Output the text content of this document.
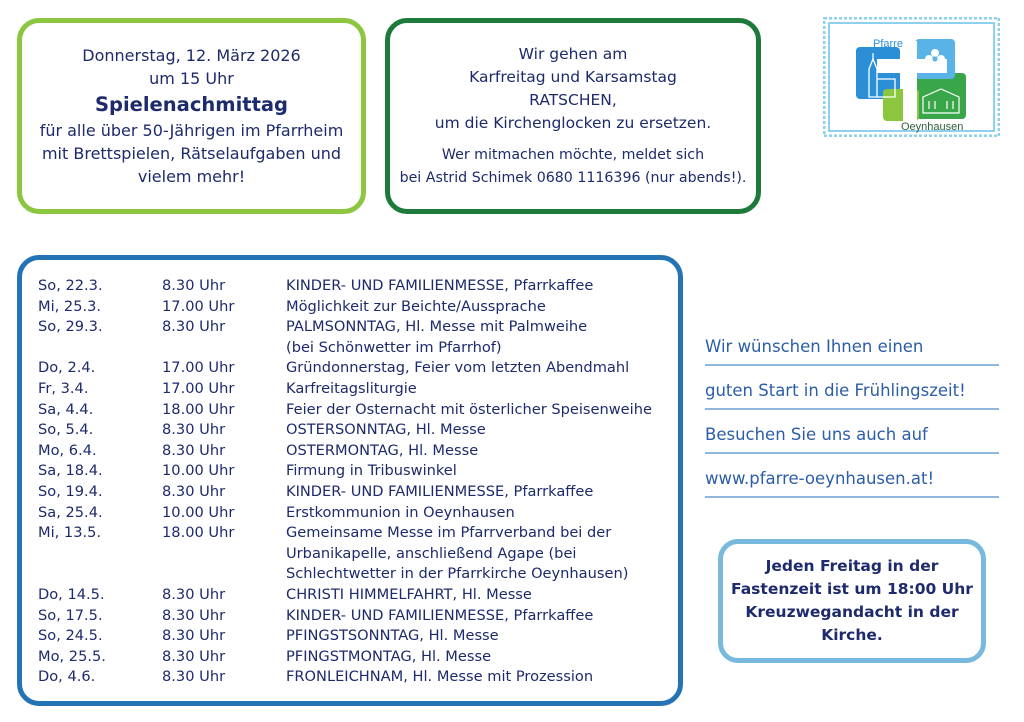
Donnerstag, 12. März 2026
um 15 Uhr
Spielenachmittag
für alle über 50-Jährigen im Pfarrheim
mit Brettspielen, Rätselaufgaben und
vielem mehr!
Wir gehen am
Karfreitag und Karsamstag
RATSCHEN,
um die Kirchenglocken zu ersetzen.
Wer mitmachen möchte, meldet sich
bei Astrid Schimek 0680 1116396 (nur abends!).
Pfarre
Oeynhausen
So, 22.3.	8.30 Uhr	KINDER- UND FAMILIENMESSE, Pfarrkaffee
Mi, 25.3.	17.00 Uhr	Möglichkeit zur Beichte/Aussprache
So, 29.3.	8.30 Uhr	PALMSONNTAG, Hl. Messe mit Palmweihe
(bei Schönwetter im Pfarrhof)
Do, 2.4.	17.00 Uhr	Gründonnerstag, Feier vom letzten Abendmahl
Fr, 3.4.	17.00 Uhr	Karfreitagsliturgie
Sa, 4.4.	18.00 Uhr	Feier der Osternacht mit österlicher Speisenweihe
So, 5.4.	8.30 Uhr	OSTERSONNTAG, Hl. Messe
Mo, 6.4.	8.30 Uhr	OSTERMONTAG, Hl. Messe
Sa, 18.4.	10.00 Uhr	Firmung in Tribuswinkel
So, 19.4.	8.30 Uhr	KINDER- UND FAMILIENMESSE, Pfarrkaffee
Sa, 25.4.	10.00 Uhr	Erstkommunion in Oeynhausen
Mi, 13.5.	18.00 Uhr	Gemeinsame Messe im Pfarrverband bei der
Urbanikapelle, anschließend Agape (bei
Schlechtwetter in der Pfarrkirche Oeynhausen)
Do, 14.5.	8.30 Uhr	CHRISTI HIMMELFAHRT, Hl. Messe
So, 17.5.	8.30 Uhr	KINDER- UND FAMILIENMESSE, Pfarrkaffee
So, 24.5.	8.30 Uhr	PFINGSTSONNTAG, Hl. Messe
Mo, 25.5.	8.30 Uhr	PFINGSTMONTAG, Hl. Messe
Do, 4.6.	8.30 Uhr	FRONLEICHNAM, Hl. Messe mit Prozession
Wir wünschen Ihnen einen
guten Start in die Frühlingszeit!
Besuchen Sie uns auch auf
www.pfarre-oeynhausen.at!
Jeden Freitag in der
Fastenzeit ist um 18:00 Uhr
Kreuzwegandacht in der
Kirche.
